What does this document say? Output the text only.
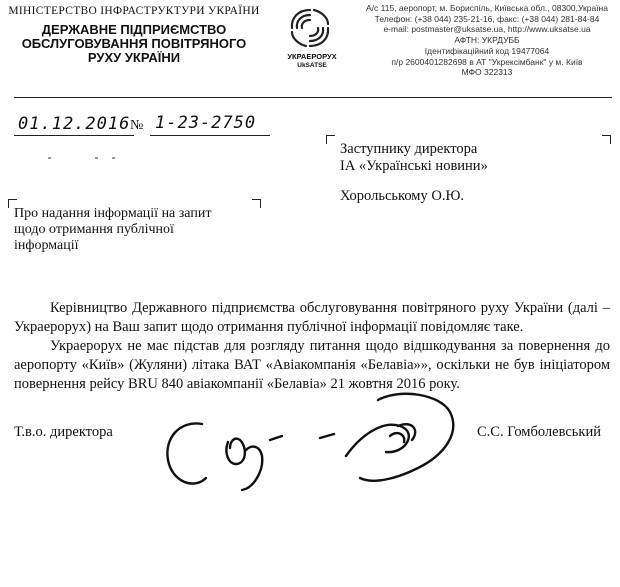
МІНІСТЕРСТВО ІНФРАСТРУКТУРИ УКРАЇНИ
ДЕРЖАВНЕ ПІДПРИЄМСТВО
ОБСЛУГОВУВАННЯ ПОВІТРЯНОГО
РУХУ УКРАЇНИ	УКРАЕРОРУХ
UkSATSE
А/с 115, аеропорт, м. Бориспіль, Київська обл., 08300,Україна
Телефон: (+38 044) 235-21-16, факс: (+38 044) 281-84-84
e-mail: postmaster@uksatse.ua, http://www.uksatse.ua
АФТН: УКРДУББ
Ідентифікаційний код 19477064
п/р 2600401282698 в АТ "Укрексімбанк" у м. Київ
МФО 322313
01.12.2016 № 1-23-2750
Заступнику директора
ІА «Українські новини»
Хорольському О.Ю.
Про надання інформації на запит щодо отримання публічної інформації

Керівництво Державного підприємства обслуговування повітряного руху України (далі – Украерорух) на Ваш запит щодо отримання публічної інформації повідомляє таке.

Украерорух не має підстав для розгляду питання щодо відшкодування за повернення до аеропорту «Київ» (Жуляни) літака ВАТ «Авіакомпанія «Белавіа»», оскільки не був ініціатором повернення рейсу BRU 840 авіакомпанії «Белавіа» 21 жовтня 2016 року.

Т.в.о. директора	С.С. Гомболевський
